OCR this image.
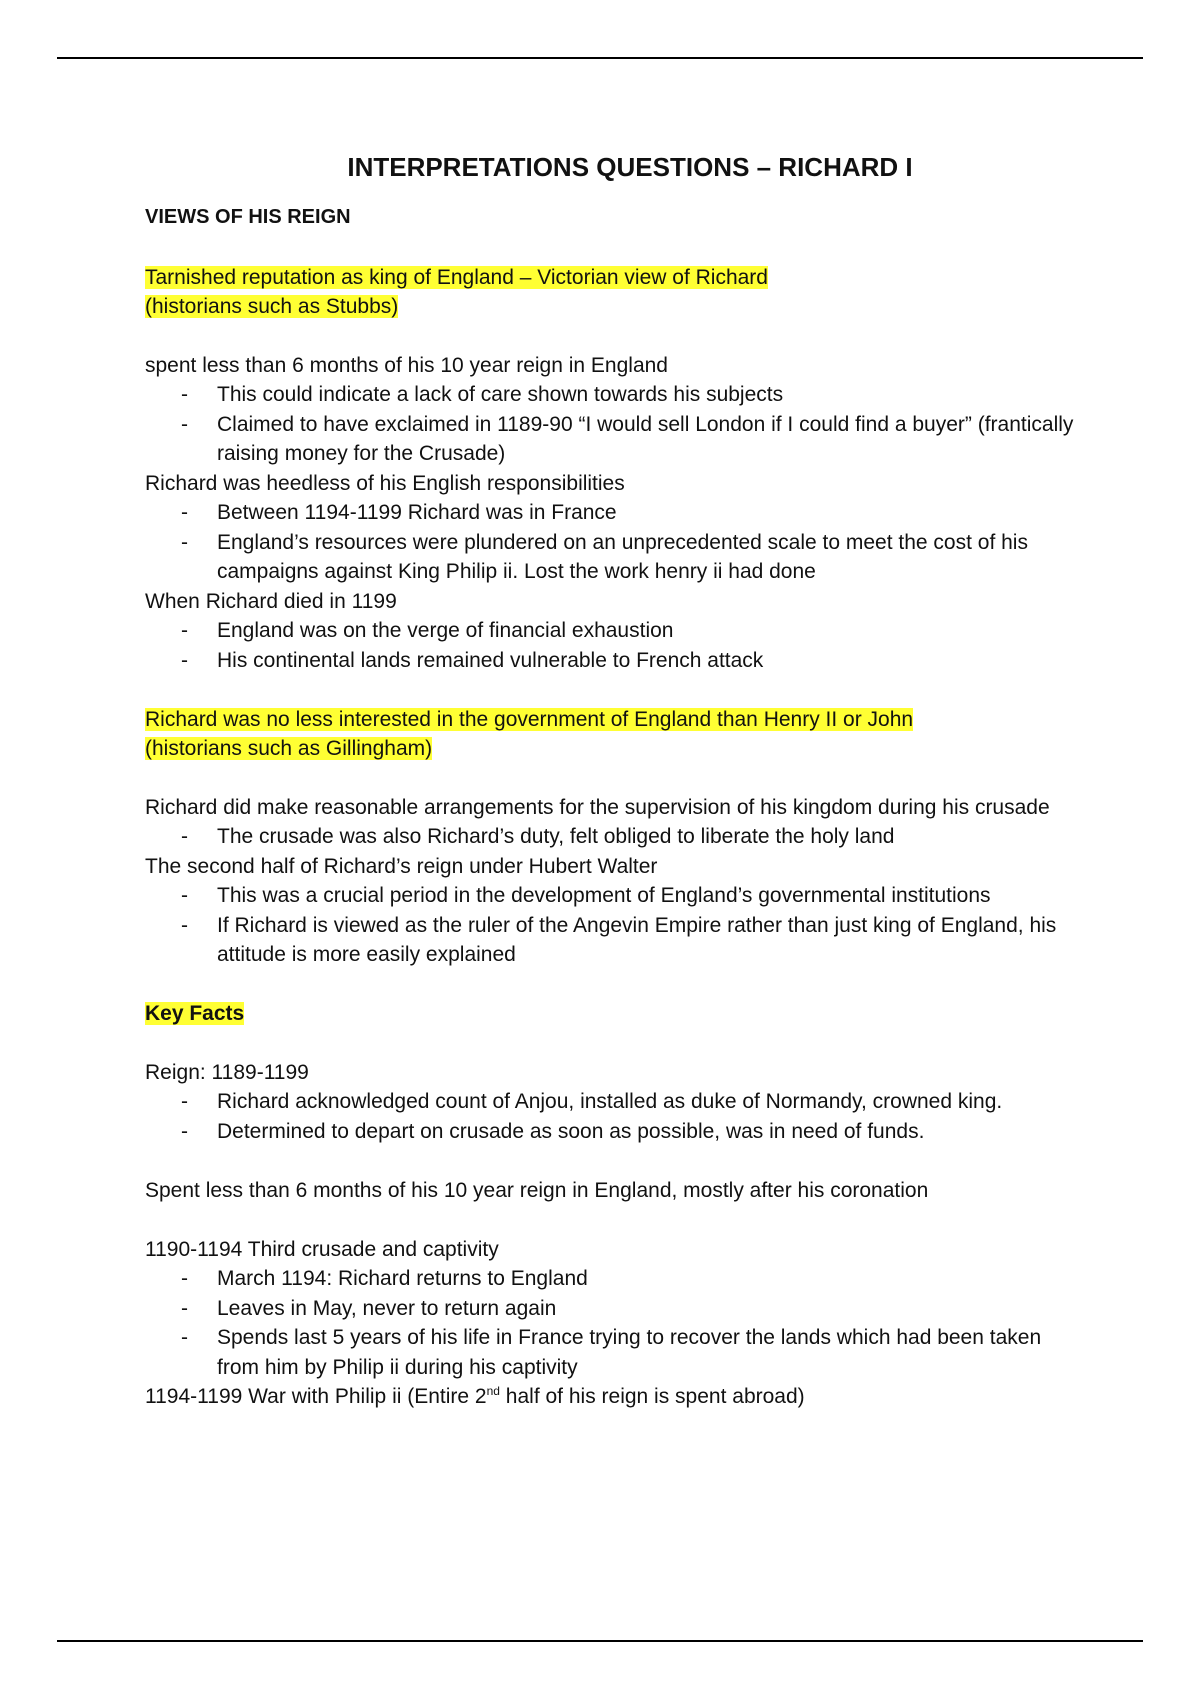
INTERPRETATIONS QUESTIONS – RICHARD I
VIEWS OF HIS REIGN
Tarnished reputation as king of England – Victorian view of Richard
(historians such as Stubbs)

spent less than 6 months of his 10 year reign in England

- This could indicate a lack of care shown towards his subjects
- Claimed to have exclaimed in 1189-90 “I would sell London if I could find a buyer” (frantically raising money for the Crusade)

Richard was heedless of his English responsibilities

- Between 1194-1199 Richard was in France
- England’s resources were plundered on an unprecedented scale to meet the cost of his campaigns against King Philip ii. Lost the work henry ii had done

When Richard died in 1199

- England was on the verge of financial exhaustion
- His continental lands remained vulnerable to French attack
Richard was no less interested in the government of England than Henry II or John
(historians such as Gillingham)

Richard did make reasonable arrangements for the supervision of his kingdom during his crusade

- The crusade was also Richard’s duty, felt obliged to liberate the holy land

The second half of Richard’s reign under Hubert Walter

- This was a crucial period in the development of England’s governmental institutions
- If Richard is viewed as the ruler of the Angevin Empire rather than just king of England, his attitude is more easily explained
Key Facts

Reign: 1189-1199

- Richard acknowledged count of Anjou, installed as duke of Normandy, crowned king.
- Determined to depart on crusade as soon as possible, was in need of funds.

Spent less than 6 months of his 10 year reign in England, mostly after his coronation

1190-1194 Third crusade and captivity

- March 1194: Richard returns to England
- Leaves in May, never to return again
- Spends last 5 years of his life in France trying to recover the lands which had been taken from him by Philip ii during his captivity

1194-1199 War with Philip ii (Entire 2nd half of his reign is spent abroad)
